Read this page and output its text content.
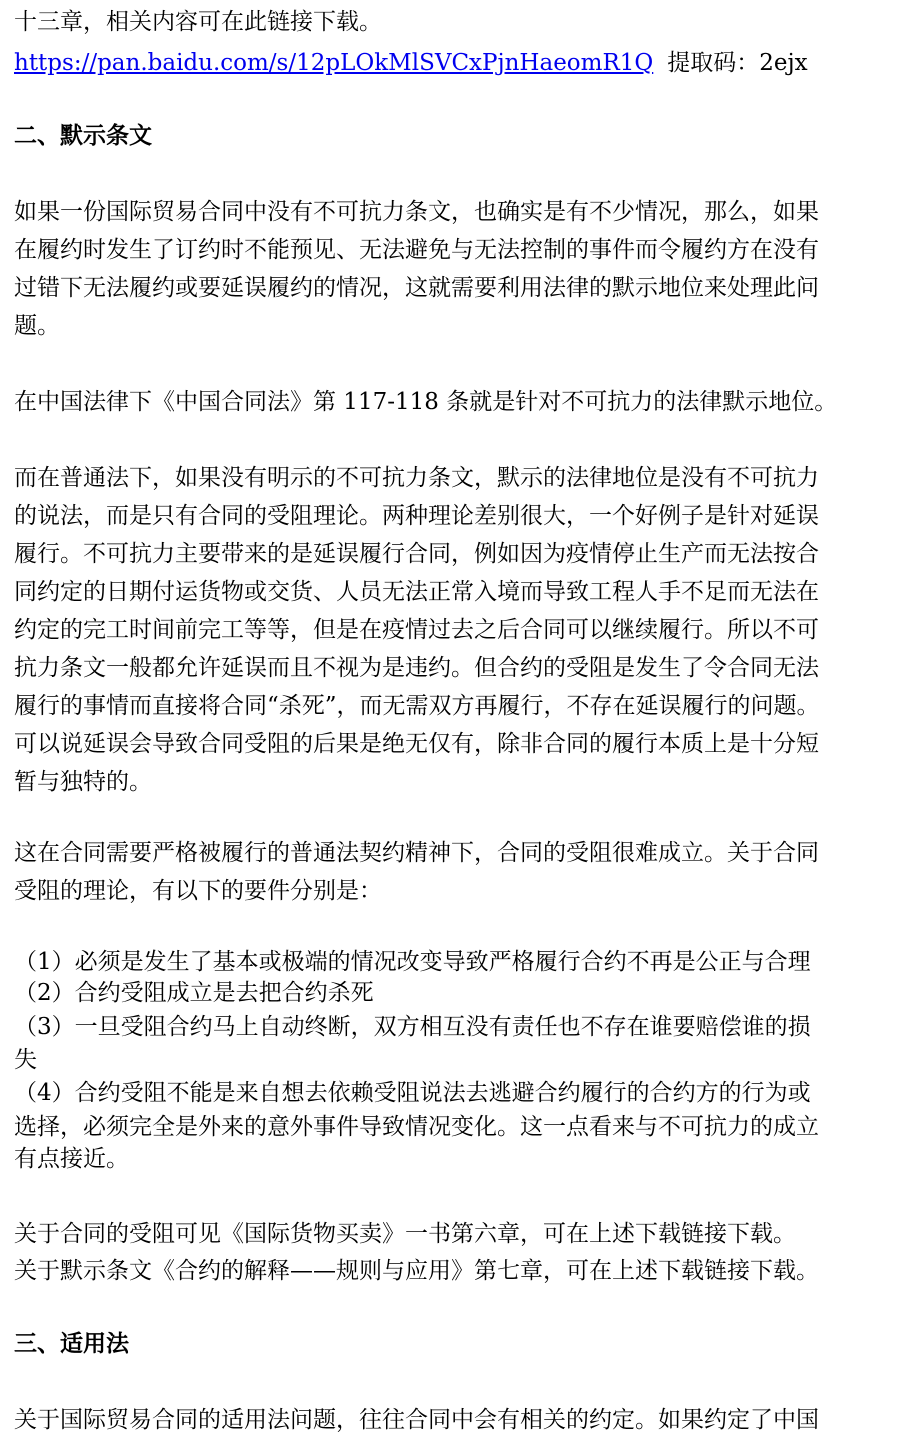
十三章，相关内容可在此链接下载。
https://pan.baidu.com/s/12pLOkMlSVCxPjnHaeomR1Q 提取码：2ejx
二、默示条文
如果一份国际贸易合同中没有不可抗力条文，也确实是有不少情况，那么，如果
在履约时发生了订约时不能预见、无法避免与无法控制的事件而令履约方在没有
过错下无法履约或要延误履约的情况，这就需要利用法律的默示地位来处理此问
题。
在中国法律下《中国合同法》第 117-118 条就是针对不可抗力的法律默示地位。
而在普通法下，如果没有明示的不可抗力条文，默示的法律地位是没有不可抗力
的说法，而是只有合同的受阻理论。两种理论差别很大，一个好例子是针对延误
履行。不可抗力主要带来的是延误履行合同，例如因为疫情停止生产而无法按合
同约定的日期付运货物或交货、人员无法正常入境而导致工程人手不足而无法在
约定的完工时间前完工等等，但是在疫情过去之后合同可以继续履行。所以不可
抗力条文一般都允许延误而且不视为是违约。但合约的受阻是发生了令合同无法
履行的事情而直接将合同“杀死”，而无需双方再履行，不存在延误履行的问题。
可以说延误会导致合同受阻的后果是绝无仅有，除非合同的履行本质上是十分短
暂与独特的。
这在合同需要严格被履行的普通法契约精神下，合同的受阻很难成立。关于合同
受阻的理论，有以下的要件分别是：
（1）必须是发生了基本或极端的情况改变导致严格履行合约不再是公正与合理
（2）合约受阻成立是去把合约杀死
（3）一旦受阻合约马上自动终断，双方相互没有责任也不存在谁要赔偿谁的损
失
（4）合约受阻不能是来自想去依赖受阻说法去逃避合约履行的合约方的行为或
选择，必须完全是外来的意外事件导致情况变化。这一点看来与不可抗力的成立
有点接近。
关于合同的受阻可见《国际货物买卖》一书第六章，可在上述下载链接下载。
关于默示条文《合约的解释——规则与应用》第七章，可在上述下载链接下载。
三、适用法
关于国际贸易合同的适用法问题，往往合同中会有相关的约定。如果约定了中国
